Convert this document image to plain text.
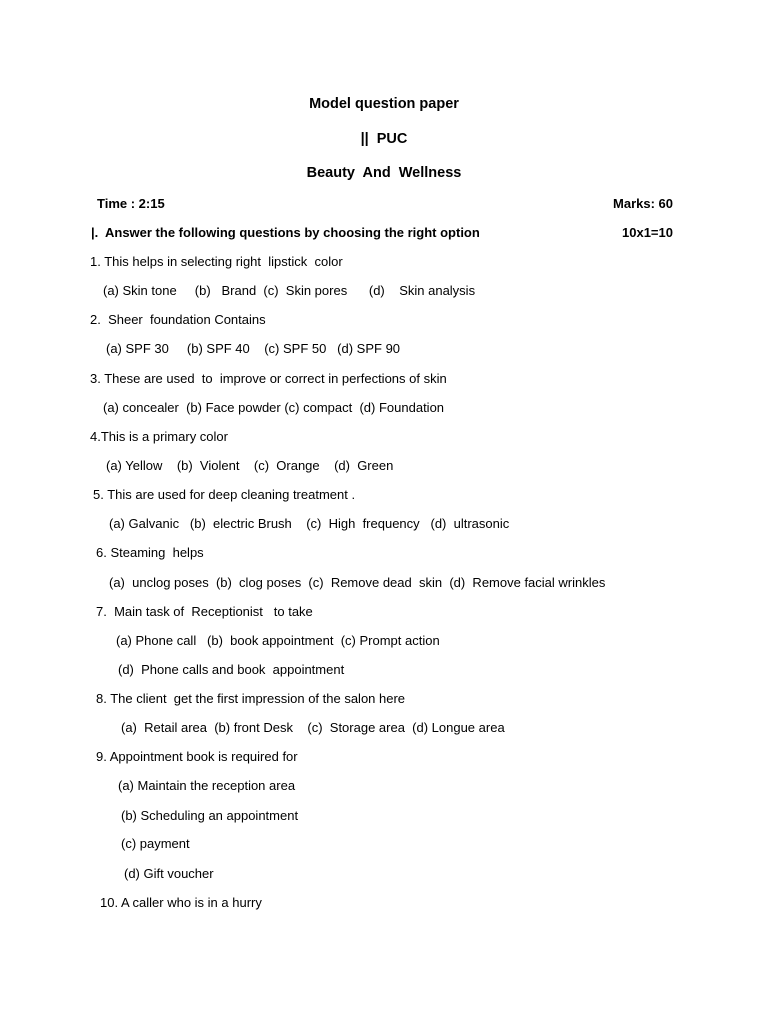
Model question paper
||  PUC
Beauty  And  Wellness
Time : 2:15	Marks: 60
|.  Answer the following questions by choosing the right option	10x1=10
1. This helps in selecting right  lipstick  color
(a) Skin tone     (b)   Brand  (c)  Skin pores      (d)    Skin analysis
2.  Sheer  foundation Contains
(a) SPF 30     (b) SPF 40    (c) SPF 50   (d) SPF 90
3. These are used  to  improve or correct in perfections of skin
(a) concealer  (b) Face powder (c) compact  (d) Foundation
4.This is a primary color
(a) Yellow    (b)  Violent    (c)  Orange    (d)  Green
5. This are used for deep cleaning treatment .
(a) Galvanic   (b)  electric Brush    (c)  High  frequency   (d)  ultrasonic
6. Steaming  helps
(a)  unclog poses  (b)  clog poses  (c)  Remove dead  skin  (d)  Remove facial wrinkles
7.  Main task of  Receptionist   to take
(a) Phone call   (b)  book appointment  (c) Prompt action
(d)  Phone calls and book  appointment
8. The client  get the first impression of the salon here
(a)  Retail area  (b) front Desk    (c)  Storage area  (d) Longue area
9. Appointment book is required for
(a) Maintain the reception area
(b) Scheduling an appointment
(c) payment
(d) Gift voucher
10. A caller who is in a hurry
